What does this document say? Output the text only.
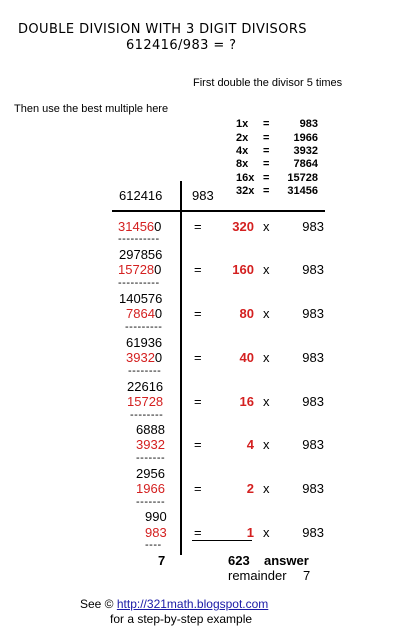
DOUBLE DIVISION WITH 3 DIGIT DIVISORS
612416/983 = ?
First double the divisor 5 times
Then use the best multiple here
1x =	983
2x =	1966
4x =	3932
8x =	7864
16x =	15728
32x =	31456
612416 983
314560	=	320 x	983
----------
297856
157280	=	160 x	983
----------
140576
78640 =	80 x	983
---------
61936
39320 =	40 x	983
--------
22616
15728 =	16 x	983
--------
6888
3932 =	4 x	983
-------
2956
1966 =	2 x	983
-------
990
983 =	1 x	983
----
7	623 answer
remainder 7
See © http://321math.blogspot.com
for a step-by-step example
